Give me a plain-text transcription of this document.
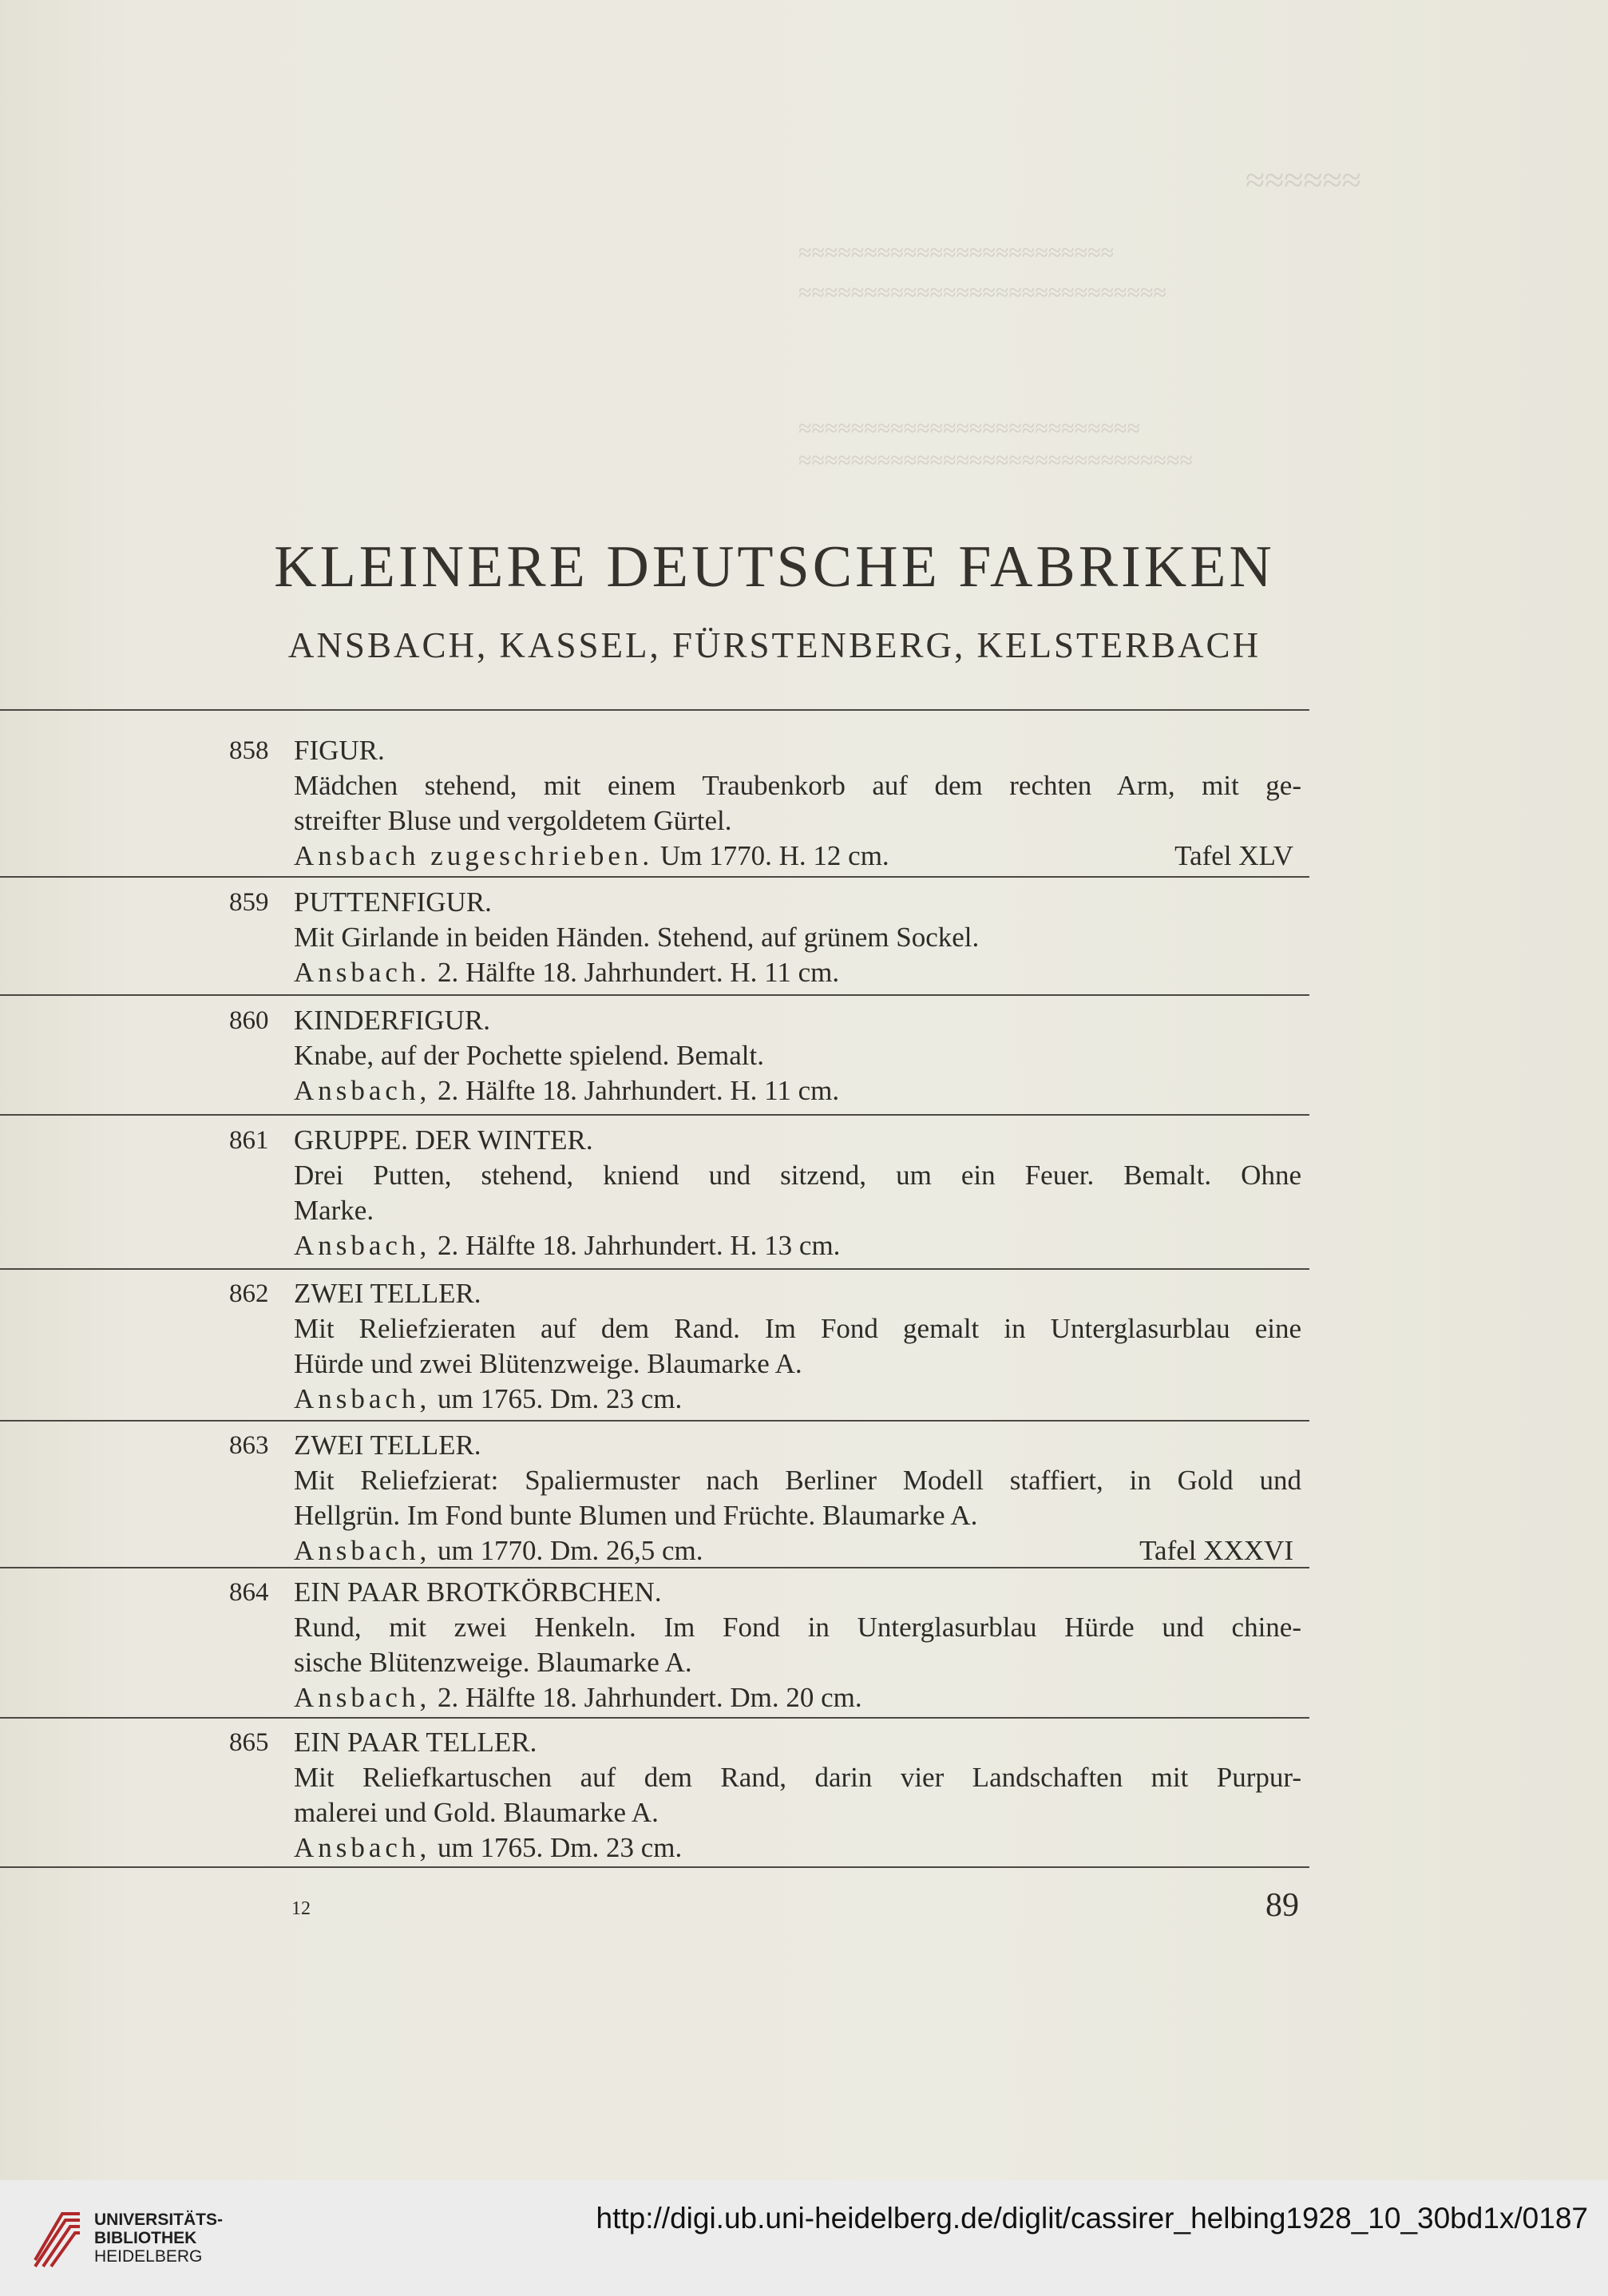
≈≈≈≈≈≈
≈≈≈≈≈≈≈≈≈≈≈≈≈≈≈≈≈≈≈≈≈≈≈≈
≈≈≈≈≈≈≈≈≈≈≈≈≈≈≈≈≈≈≈≈≈≈≈≈≈≈≈≈
≈≈≈≈≈≈≈≈≈≈≈≈≈≈≈≈≈≈≈≈≈≈≈≈≈≈
≈≈≈≈≈≈≈≈≈≈≈≈≈≈≈≈≈≈≈≈≈≈≈≈≈≈≈≈≈≈
KLEINERE DEUTSCHE FABRIKEN
ANSBACH, KASSEL, FÜRSTENBERG, KELSTERBACH
858 FIGUR.
Mädchen stehend, mit einem Traubenkorb auf dem rechten Arm, mit ge-
streifter Bluse und vergoldetem Gürtel.
Ansbach zugeschrieben. Um 1770. H. 12 cm.	Tafel XLV
859 PUTTENFIGUR.
Mit Girlande in beiden Händen. Stehend, auf grünem Sockel.
Ansbach. 2. Hälfte 18. Jahrhundert. H. 11 cm.
860 KINDERFIGUR.
Knabe, auf der Pochette spielend. Bemalt.
Ansbach, 2. Hälfte 18. Jahrhundert. H. 11 cm.
861 GRUPPE. DER WINTER.
Drei Putten, stehend, kniend und sitzend, um ein Feuer. Bemalt. Ohne
Marke.
Ansbach, 2. Hälfte 18. Jahrhundert. H. 13 cm.
862 ZWEI TELLER.
Mit Reliefzieraten auf dem Rand. Im Fond gemalt in Unterglasurblau eine
Hürde und zwei Blütenzweige. Blaumarke A.
Ansbach, um 1765. Dm. 23 cm.
863 ZWEI TELLER.
Mit Reliefzierat: Spaliermuster nach Berliner Modell staffiert, in Gold und
Hellgrün. Im Fond bunte Blumen und Früchte. Blaumarke A.
Ansbach, um 1770. Dm. 26,5 cm.	Tafel XXXVI
864 EIN PAAR BROTKÖRBCHEN.
Rund, mit zwei Henkeln. Im Fond in Unterglasurblau Hürde und chine-
sische Blütenzweige. Blaumarke A.
Ansbach, 2. Hälfte 18. Jahrhundert. Dm. 20 cm.
865 EIN PAAR TELLER.
Mit Reliefkartuschen auf dem Rand, darin vier Landschaften mit Purpur-
malerei und Gold. Blaumarke A.
Ansbach, um 1765. Dm. 23 cm.
12	89
UNIVERSITÄTS-
BIBLIOTHEK
HEIDELBERG
http://digi.ub.uni-heidelberg.de/diglit/cassirer_helbing1928_10_30bd1x/0187
